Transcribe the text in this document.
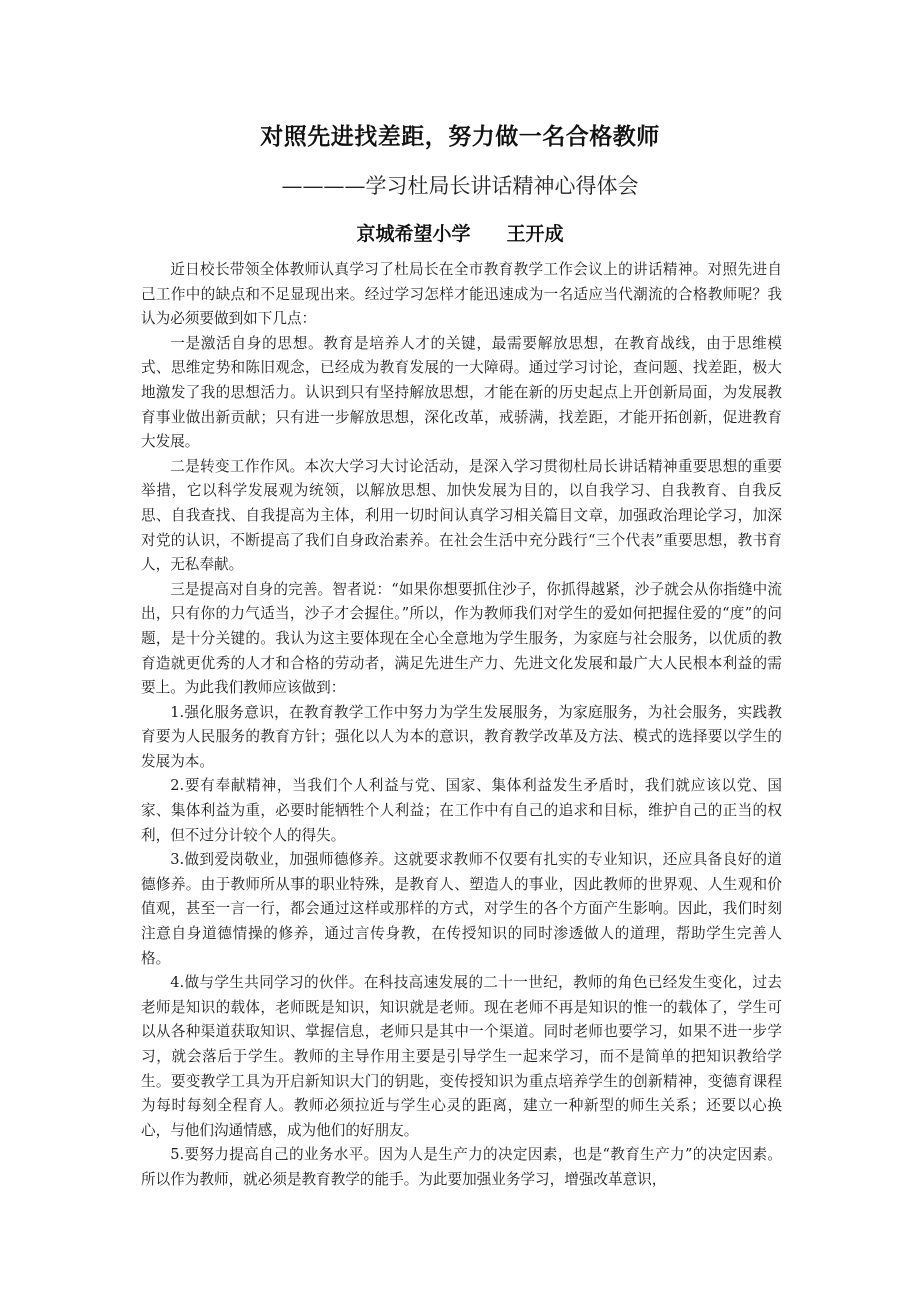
对照先进找差距，努力做一名合格教师
————学习杜局长讲话精神心得体会
京城希望小学 王开成

近日校长带领全体教师认真学习了杜局长在全市教育教学工作会议上的讲话精神。对照先进自己工作中的缺点和不足显现出来。经过学习怎样才能迅速成为一名适应当代潮流的合格教师呢？我认为必须要做到如下几点：

一是激活自身的思想。教育是培养人才的关键，最需要解放思想，在教育战线，由于思维模式、思维定势和陈旧观念，已经成为教育发展的一大障碍。通过学习讨论，查问题、找差距，极大地激发了我的思想活力。认识到只有坚持解放思想，才能在新的历史起点上开创新局面，为发展教育事业做出新贡献；只有进一步解放思想，深化改革，戒骄满，找差距，才能开拓创新，促进教育大发展。

二是转变工作作风。本次大学习大讨论活动，是深入学习贯彻杜局长讲话精神重要思想的重要举措，它以科学发展观为统领，以解放思想、加快发展为目的，以自我学习、自我教育、自我反思、自我查找、自我提高为主体，利用一切时间认真学习相关篇目文章，加强政治理论学习，加深对党的认识，不断提高了我们自身政治素养。在社会生活中充分践行“三个代表”重要思想，教书育人，无私奉献。

三是提高对自身的完善。智者说：“如果你想要抓住沙子，你抓得越紧，沙子就会从你指缝中流出，只有你的力气适当，沙子才会握住。”所以，作为教师我们对学生的爱如何把握住爱的“度”的问题，是十分关键的。我认为这主要体现在全心全意地为学生服务，为家庭与社会服务，以优质的教育造就更优秀的人才和合格的劳动者，满足先进生产力、先进文化发展和最广大人民根本利益的需要上。为此我们教师应该做到：

1.强化服务意识，在教育教学工作中努力为学生发展服务，为家庭服务，为社会服务，实践教育要为人民服务的教育方针；强化以人为本的意识，教育教学改革及方法、模式的选择要以学生的发展为本。

2.要有奉献精神，当我们个人利益与党、国家、集体利益发生矛盾时，我们就应该以党、国家、集体利益为重，必要时能牺牲个人利益；在工作中有自己的追求和目标，维护自己的正当的权利，但不过分计较个人的得失。

3.做到爱岗敬业，加强师德修养。这就要求教师不仅要有扎实的专业知识，还应具备良好的道德修养。由于教师所从事的职业特殊，是教育人、塑造人的事业，因此教师的世界观、人生观和价值观，甚至一言一行，都会通过这样或那样的方式，对学生的各个方面产生影响。因此，我们时刻注意自身道德情操的修养，通过言传身教，在传授知识的同时渗透做人的道理，帮助学生完善人格。

4.做与学生共同学习的伙伴。在科技高速发展的二十一世纪，教师的角色已经发生变化，过去老师是知识的载体，老师既是知识，知识就是老师。现在老师不再是知识的惟一的载体了，学生可以从各种渠道获取知识、掌握信息，老师只是其中一个渠道。同时老师也要学习，如果不进一步学习，就会落后于学生。教师的主导作用主要是引导学生一起来学习，而不是简单的把知识教给学生。要变教学工具为开启新知识大门的钥匙，变传授知识为重点培养学生的创新精神，变德育课程为每时每刻全程育人。教师必须拉近与学生心灵的距离，建立一种新型的师生关系；还要以心换心，与他们沟通情感，成为他们的好朋友。

5.要努力提高自己的业务水平。因为人是生产力的决定因素，也是“教育生产力”的决定因素。所以作为教师，就必须是教育教学的能手。为此要加强业务学习，增强改革意识，
